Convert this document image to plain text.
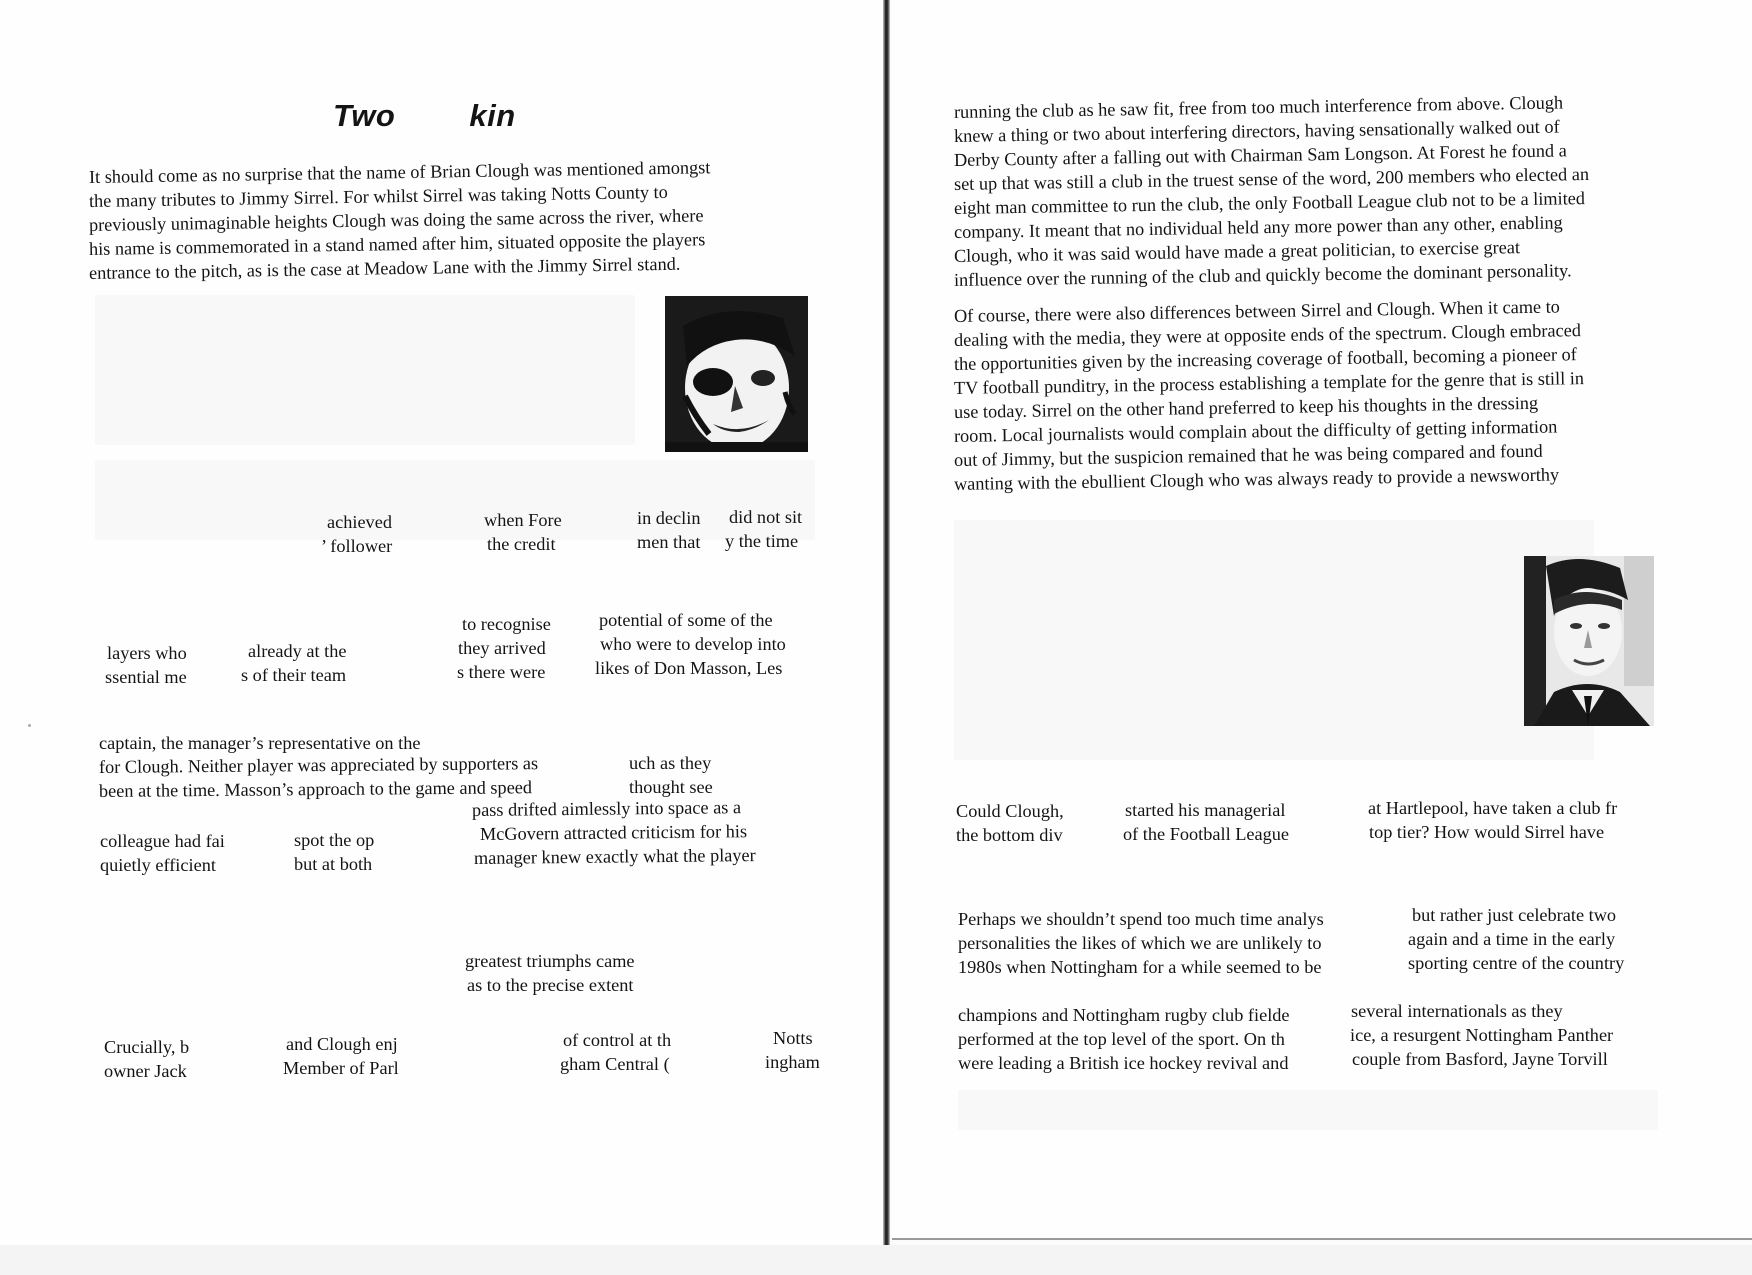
Two kin

It should come as no surprise that the name of Brian Clough was mentioned amongst

the many tributes to Jimmy Sirrel. For whilst Sirrel was taking Notts County to

previously unimaginable heights Clough was doing the same across the river, where

his name is commemorated in a stand named after him, situated opposite the players

entrance to the pitch, as is the case at Meadow Lane with the Jimmy Sirrel stand.

achieved

’ follower

when Fore

the credit

in declin

men that

did not sit

y the time

layers who

ssential me

already at the

s of their team

to recognise

they arrived

s there were

potential of some of the

who were to develop into

likes of Don Masson, Les

captain, the manager’s representative on the

for Clough. Neither player was appreciated by supporters as	uch as they

been at the time. Masson’s approach to the game and speed	thought see

colleague had fai

quietly efficient

spot the op

but at both

pass drifted aimlessly into space as a

McGovern attracted criticism for his

manager knew exactly what the player

greatest triumphs came

as to the precise extent

Crucially, b

owner Jack

and Clough enj

Member of Parl

of control at th

gham Central (

Notts

ingham

running the club as he saw fit, free from too much interference from above. Clough

knew a thing or two about interfering directors, having sensationally walked out of

Derby County after a falling out with Chairman Sam Longson. At Forest he found a

set up that was still a club in the truest sense of the word, 200 members who elected an

eight man committee to run the club, the only Football League club not to be a limited

company. It meant that no individual held any more power than any other, enabling

Clough, who it was said would have made a great politician, to exercise great

influence over the running of the club and quickly become the dominant personality.

Of course, there were also differences between Sirrel and Clough. When it came to

dealing with the media, they were at opposite ends of the spectrum. Clough embraced

the opportunities given by the increasing coverage of football, becoming a pioneer of

TV football punditry, in the process establishing a template for the genre that is still in

use today. Sirrel on the other hand preferred to keep his thoughts in the dressing

room. Local journalists would complain about the difficulty of getting information

out of Jimmy, but the suspicion remained that he was being compared and found

wanting with the ebullient Clough who was always ready to provide a newsworthy

Could Clough,

the bottom div

started his managerial

of the Football League

at Hartlepool, have taken a club fr

top tier? How would Sirrel have

Perhaps we shouldn’t spend too much time analys

personalities the likes of which we are unlikely to

1980s when Nottingham for a while seemed to be

but rather just celebrate two

again and a time in the early

sporting centre of the country

champions and Nottingham rugby club fielde

performed at the top level of the sport. On th

were leading a British ice hockey revival and

several internationals as they

ice, a resurgent Nottingham Panther

couple from Basford, Jayne Torvill
